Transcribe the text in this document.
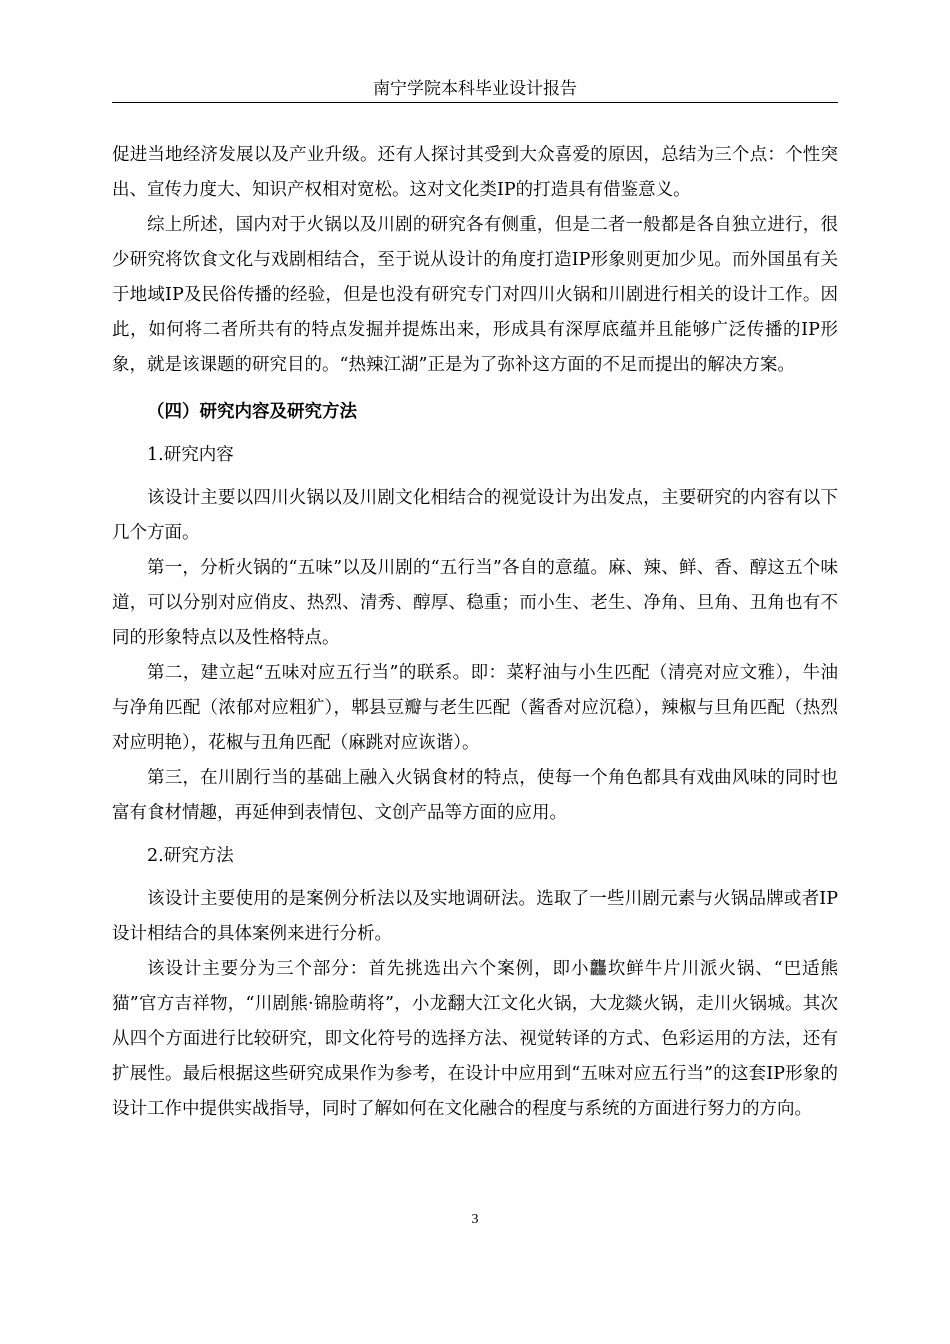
南宁学院本科毕业设计报告

促进当地经济发展以及产业升级。还有人探讨其受到大众喜爱的原因，总结为三个点：个性突出、宣传力度大、知识产权相对宽松。这对文化类IP的打造具有借鉴意义。

综上所述，国内对于火锅以及川剧的研究各有侧重，但是二者一般都是各自独立进行，很少研究将饮食文化与戏剧相结合，至于说从设计的角度打造IP形象则更加少见。而外国虽有关于地域IP及民俗传播的经验，但是也没有研究专门对四川火锅和川剧进行相关的设计工作。因此，如何将二者所共有的特点发掘并提炼出来，形成具有深厚底蕴并且能够广泛传播的IP形象，就是该课题的研究目的。“热辣江湖”正是为了弥补这方面的不足而提出的解决方案。

（四）研究内容及研究方法

1.研究内容

该设计主要以四川火锅以及川剧文化相结合的视觉设计为出发点，主要研究的内容有以下几个方面。

第一，分析火锅的“五味”以及川剧的“五行当”各自的意蕴。麻、辣、鲜、香、醇这五个味道，可以分别对应俏皮、热烈、清秀、醇厚、稳重；而小生、老生、净角、旦角、丑角也有不同的形象特点以及性格特点。

第二，建立起“五味对应五行当”的联系。即：菜籽油与小生匹配（清亮对应文雅），牛油与净角匹配（浓郁对应粗犷），郫县豆瓣与老生匹配（酱香对应沉稳），辣椒与旦角匹配（热烈对应明艳），花椒与丑角匹配（麻跳对应诙谐）。

第三，在川剧行当的基础上融入火锅食材的特点，使每一个角色都具有戏曲风味的同时也富有食材情趣，再延伸到表情包、文创产品等方面的应用。

2.研究方法

该设计主要使用的是案例分析法以及实地调研法。选取了一些川剧元素与火锅品牌或者IP设计相结合的具体案例来进行分析。

该设计主要分为三个部分：首先挑选出六个案例，即小龘坎鲜牛片川派火锅、“巴适熊猫”官方吉祥物，“川剧熊·锦脸萌将”，小龙翻大江文化火锅，大龙燚火锅，走川火锅城。其次从四个方面进行比较研究，即文化符号的选择方法、视觉转译的方式、色彩运用的方法，还有扩展性。最后根据这些研究成果作为参考，在设计中应用到“五味对应五行当”的这套IP形象的设计工作中提供实战指导，同时了解如何在文化融合的程度与系统的方面进行努力的方向。

3
